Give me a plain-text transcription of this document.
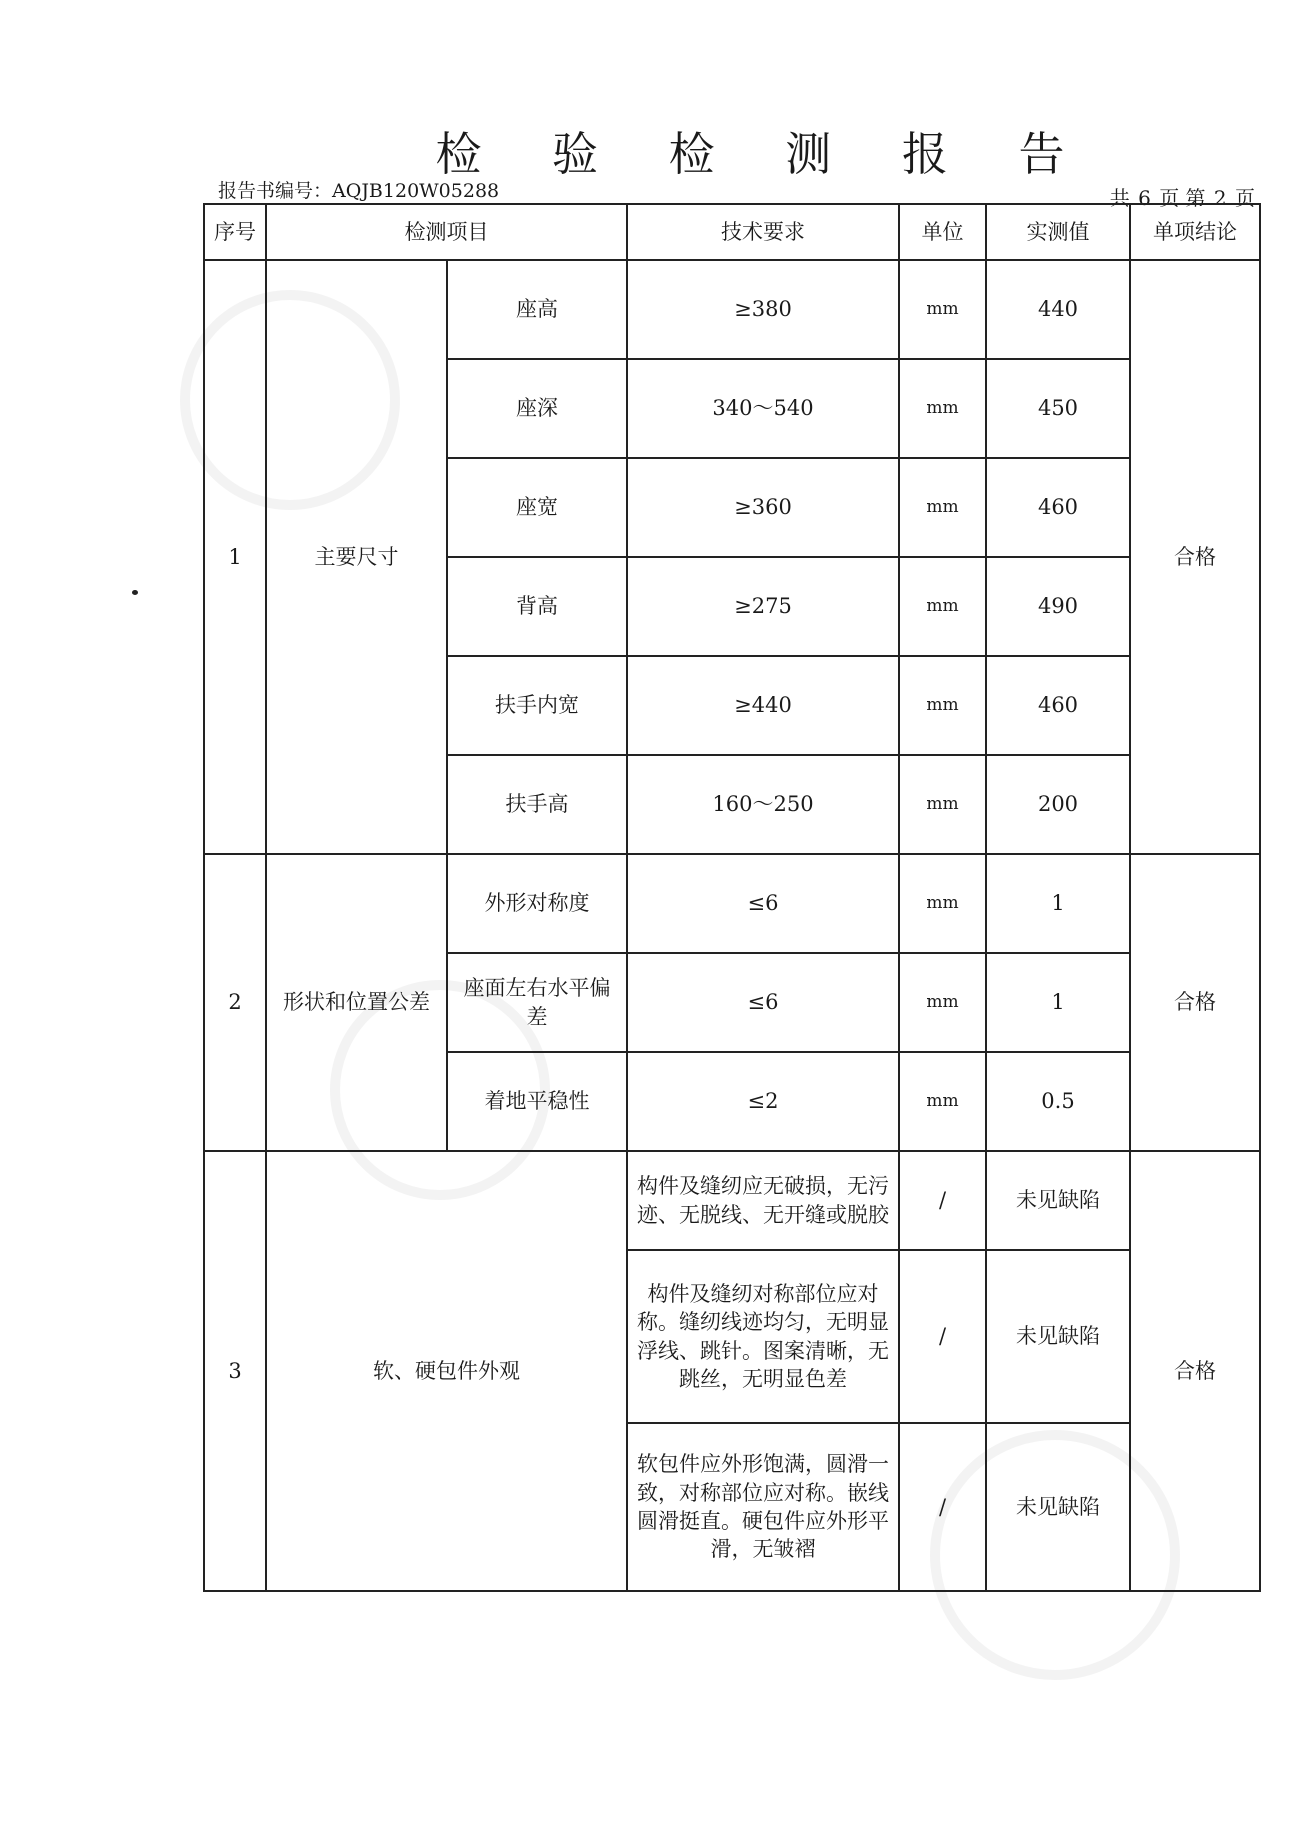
检 验 检 测 报 告
报告书编号：AQJB120W05288	共 6 页 第 2 页
序号	检测项目		技术要求	单位	实测值	单项结论
1	主要尺寸	座高	≥380	mm	440	合格
		座深	340～540	mm	450	
		座宽	≥360	mm	460	
		背高	≥275	mm	490	
		扶手内宽	≥440	mm	460	
		扶手高	160～250	mm	200	
2	形状和位置公差	外形对称度	≤6	mm	1	合格
		座面左右水平偏差	≤6	mm	1	
		着地平稳性	≤2	mm	0.5	
3	软、硬包件外观		构件及缝纫应无破损，无污迹、无脱线、无开缝或脱胶	/	未见缺陷	合格
			构件及缝纫对称部位应对称。缝纫线迹均匀，无明显浮线、跳针。图案清晰，无跳丝，无明显色差	/	未见缺陷	
			软包件应外形饱满，圆滑一致，对称部位应对称。嵌线圆滑挺直。硬包件应外形平滑，无皱褶	/	未见缺陷	
